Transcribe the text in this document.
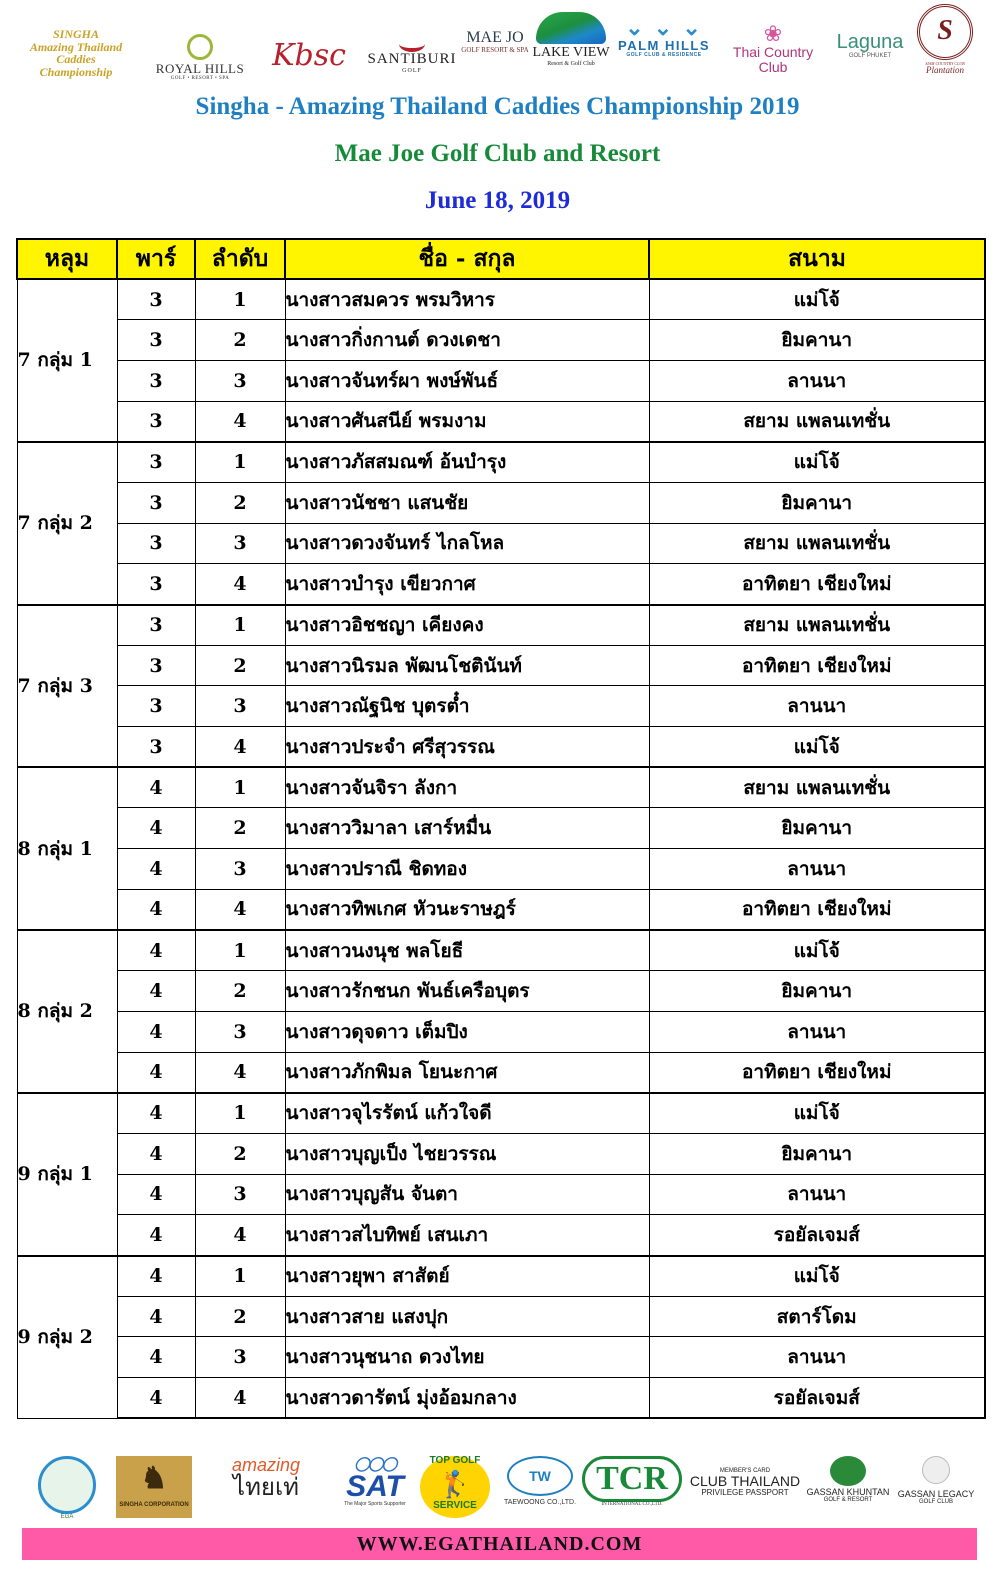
SINGHA
Amazing Thailand
Caddies
Championship	ROYAL HILLS
GOLF • RESORT • SPA
Kbsc	SANTIBURI
GOLF
MAE JO
GOLF RESORT & SPA LAKE VIEW
Resort & Golf Club
⌄ ⌄ ⌄
PALM HILLS
GOLF CLUB & RESIDENCE
❀
Thai Country Club
Laguna
GOLF PHUKET
S
SIAM COUNTRY CLUB
Plantation
Singha - Amazing Thailand Caddies Championship 2019
Mae Joe Golf Club and Resort
June 18, 2019
หลุม	พาร์	ลำดับ	ชื่อ - สกุล	สนาม
7 กลุ่ม 1	3	1	นางสาวสมควร พรมวิหาร	แม่โจ้
	3	2	นางสาวกิ่งกานต์ ดวงเดชา	ยิมคานา
	3	3	นางสาวจันทร์ผา พงษ์พันธ์	ลานนา
	3	4	นางสาวศันสนีย์ พรมงาม	สยาม แพลนเทชั่น
7 กลุ่ม 2	3	1	นางสาวภัสสมณฑ์ อ้นบำรุง	แม่โจ้
	3	2	นางสาวนัชชา แสนชัย	ยิมคานา
	3	3	นางสาวดวงจันทร์ ไกลโหล	สยาม แพลนเทชั่น
	3	4	นางสาวบำรุง เขียวกาศ	อาทิตยา เชียงใหม่
7 กลุ่ม 3	3	1	นางสาวอิชชญา เคียงคง	สยาม แพลนเทชั่น
	3	2	นางสาวนิรมล พัฒนโชตินันท์	อาทิตยา เชียงใหม่
	3	3	นางสาวณัฐนิช บุตรต๋ำ	ลานนา
	3	4	นางสาวประจำ ศรีสุวรรณ	แม่โจ้
8 กลุ่ม 1	4	1	นางสาวจันจิรา ลังกา	สยาม แพลนเทชั่น
	4	2	นางสาววิมาลา เสาร์หมื่น	ยิมคานา
	4	3	นางสาวปราณี ชิดทอง	ลานนา
	4	4	นางสาวทิพเกศ หัวนะราษฎร์	อาทิตยา เชียงใหม่
8 กลุ่ม 2	4	1	นางสาวนงนุช พลโยธี	แม่โจ้
	4	2	นางสาวรักชนก พันธ์เครือบุตร	ยิมคานา
	4	3	นางสาวดุจดาว เต็มปิง	ลานนา
	4	4	นางสาวภักพิมล โยนะกาศ	อาทิตยา เชียงใหม่
9 กลุ่ม 1	4	1	นางสาวจุไรรัตน์ แก้วใจดี	แม่โจ้
	4	2	นางสาวบุญเป็ง ไชยวรรณ	ยิมคานา
	4	3	นางสาวบุญสัน จันตา	ลานนา
	4	4	นางสาวสไบทิพย์ เสนเภา	รอยัลเจมส์
9 กลุ่ม 2	4	1	นางสาวยุพา สาสัตย์	แม่โจ้
	4	2	นางสาวสาย แสงปุก	สตาร์โดม
	4	3	นางสาวนุชนาถ ดวงไทย	ลานนา
	4	4	นางสาวดารัตน์ มุ่งอ้อมกลาง	รอยัลเจมส์
EGA
♞
SINGHA CORPORATION
amazing
ไทยเท่
◯◯◯
SAT
The Major Sports Supporter
TOP GOLF
🏌
SERVICE
TW
TAEWOONG CO.,LTD.
TCR
INTERNATIONAL CO.,LTD.
MEMBER'S CARD
CLUB THAILAND
PRIVILEGE PASSPORT	GASSAN KHUNTAN
GOLF & RESORT
GASSAN LEGACY
GOLF CLUB
WWW.EGATHAILAND.COM
